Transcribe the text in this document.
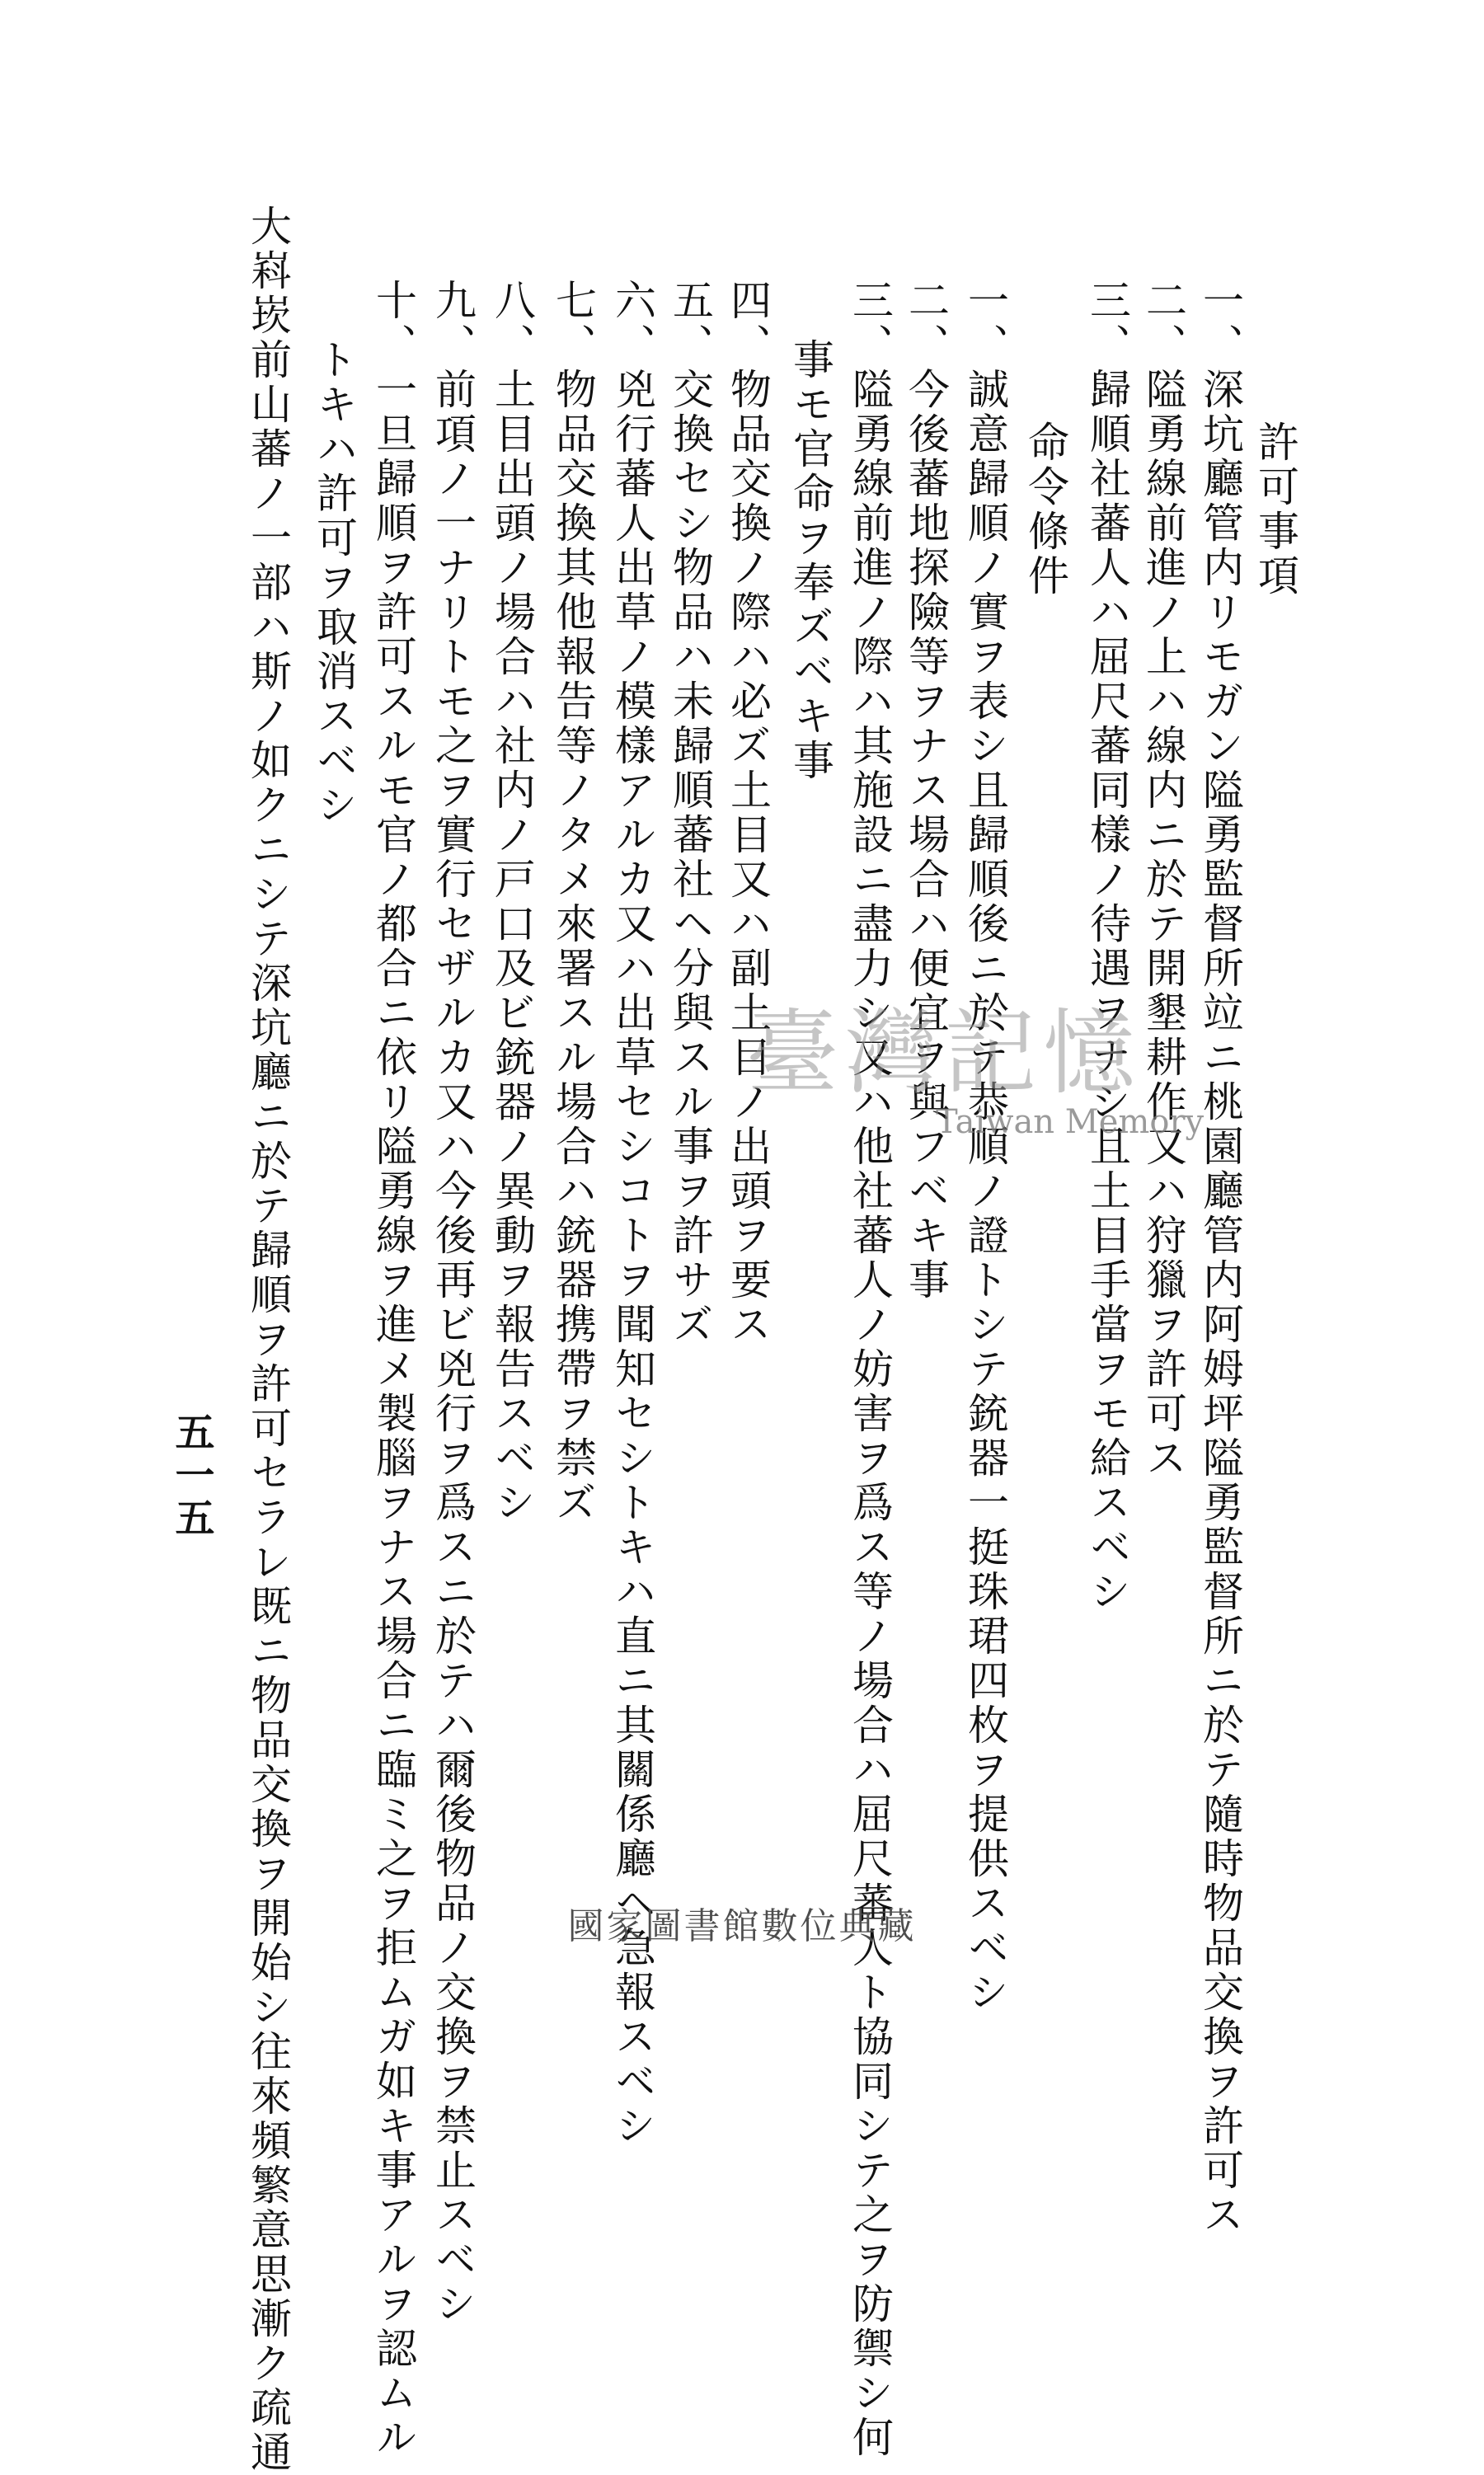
許可事項
一、深坑廳管内リモガン隘勇監督所竝ニ桃園廳管内阿姆坪隘勇監督所ニ於テ隨時物品交換ヲ許可ス
二、隘勇線前進ノ上ハ線内ニ於テ開墾耕作又ハ狩獵ヲ許可ス
三、歸順社蕃人ハ屈尺蕃同樣ノ待遇ヲナシ且土目手當ヲモ給スベシ
命令條件
一、誠意歸順ノ實ヲ表シ且歸順後ニ於テ恭順ノ證トシテ銃器一挺珠珺四枚ヲ提供スベシ
二、今後蕃地探險等ヲナス場合ハ便宜ヲ與フベキ事
三、隘勇線前進ノ際ハ其施設ニ盡力シ又ハ他社蕃人ノ妨害ヲ爲ス等ノ場合ハ屈尺蕃人ト協同シテ之ヲ防禦シ何
事モ官命ヲ奉ズベキ事
四、物品交換ノ際ハ必ズ土目又ハ副土目ノ出頭ヲ要ス
五、交換セシ物品ハ未歸順蕃社ヘ分與スル事ヲ許サズ
六、兇行蕃人出草ノ模樣アルカ又ハ出草セシコトヲ聞知セシトキハ直ニ其關係廳ヘ急報スベシ
七、物品交換其他報告等ノタメ來署スル場合ハ銃器携帶ヲ禁ズ
八、土目出頭ノ場合ハ社内ノ戸口及ビ銃器ノ異動ヲ報告スベシ
九、前項ノ一ナリトモ之ヲ實行セザルカ又ハ今後再ビ兇行ヲ爲スニ於テハ爾後物品ノ交換ヲ禁止スベシ
十、一旦歸順ヲ許可スルモ官ノ都合ニ依リ隘勇線ヲ進メ製腦ヲナス場合ニ臨ミ之ヲ拒ムガ如キ事アルヲ認ムル
トキハ許可ヲ取消スベシ
大嵙崁前山蕃ノ一部ハ斯ノ如クニシテ深坑廳ニ於テ歸順ヲ許可セラレ既ニ物品交換ヲ開始シ往來頻繁意思漸ク疏通
五一五
臺灣記憶
Taiwan Memory
國家圖書館數位典藏
